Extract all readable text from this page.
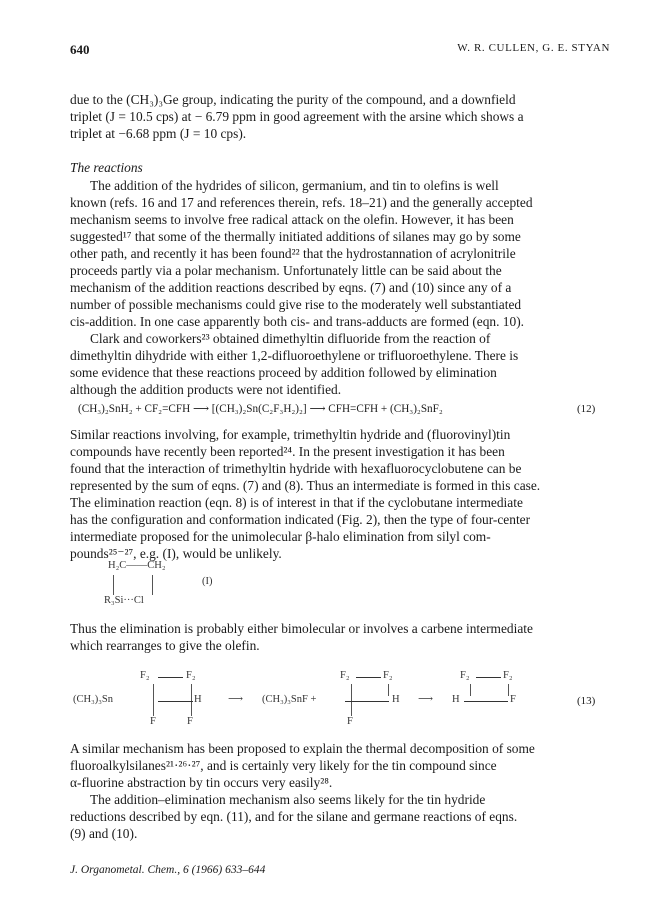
640	W. R. CULLEN, G. E. STYAN
due to the (CH₃)₃Ge group, indicating the purity of the compound, and a downfield
triplet (J = 10.5 cps) at − 6.79 ppm in good agreement with the arsine which shows a
triplet at −6.68 ppm (J = 10 cps).
The reactions
The addition of the hydrides of silicon, germanium, and tin to olefins is well
known (refs. 16 and 17 and references therein, refs. 18–21) and the generally accepted
mechanism seems to involve free radical attack on the olefin. However, it has been
suggested¹⁷ that some of the thermally initiated additions of silanes may go by some
other path, and recently it has been found²² that the hydrostannation of acrylonitrile
proceeds partly via a polar mechanism. Unfortunately little can be said about the
mechanism of the addition reactions described by eqns. (7) and (10) since any of a
number of possible mechanisms could give rise to the moderately well substantiated
cis-addition. In one case apparently both cis- and trans-adducts are formed (eqn. 10).
Clark and coworkers²³ obtained dimethyltin difluoride from the reaction of
dimethyltin dihydride with either 1,2-difluoroethylene or trifluoroethylene. There is
some evidence that these reactions proceed by addition followed by elimination
although the addition products were not identified.
(CH₃)₂SnH₂ + CF₂=CFH ⟶ [(CH₃)₂Sn(C₂F₃H₂)₂] ⟶ CFH=CFH + (CH₃)₂SnF₂	(12)
Similar reactions involving, for example, trimethyltin hydride and (fluorovinyl)tin
compounds have recently been reported²⁴. In the present investigation it has been
found that the interaction of trimethyltin hydride with hexafluorocyclobutene can be
represented by the sum of eqns. (7) and (8). Thus an intermediate is formed in this case.
The elimination reaction (eqn. 8) is of interest in that if the cyclobutane intermediate
has the configuration and conformation indicated (Fig. 2), then the type of four-center
intermediate proposed for the unimolecular β-halo elimination from silyl com-
pounds²⁵⁻²⁷, e.g. (I), would be unlikely.
H₂C——CH₂
(I)
R₃Si···Cl
Thus the elimination is probably either bimolecular or involves a carbene intermediate
which rearranges to give the olefin.
F₂	F₂
(CH₃)₃Sn	H
F	F
⟶ (CH₃)₃SnF +
F₂	F₂
H
F
⟶
F₂	F₂
H	F	(13)
A similar mechanism has been proposed to explain the thermal decomposition of some
fluoroalkylsilanes²¹·²⁶·²⁷, and is certainly very likely for the tin compound since
α-fluorine abstraction by tin occurs very easily²⁸.
The addition–elimination mechanism also seems likely for the tin hydride
reductions described by eqn. (11), and for the silane and germane reactions of eqns.
(9) and (10).
J. Organometal. Chem., 6 (1966) 633–644
